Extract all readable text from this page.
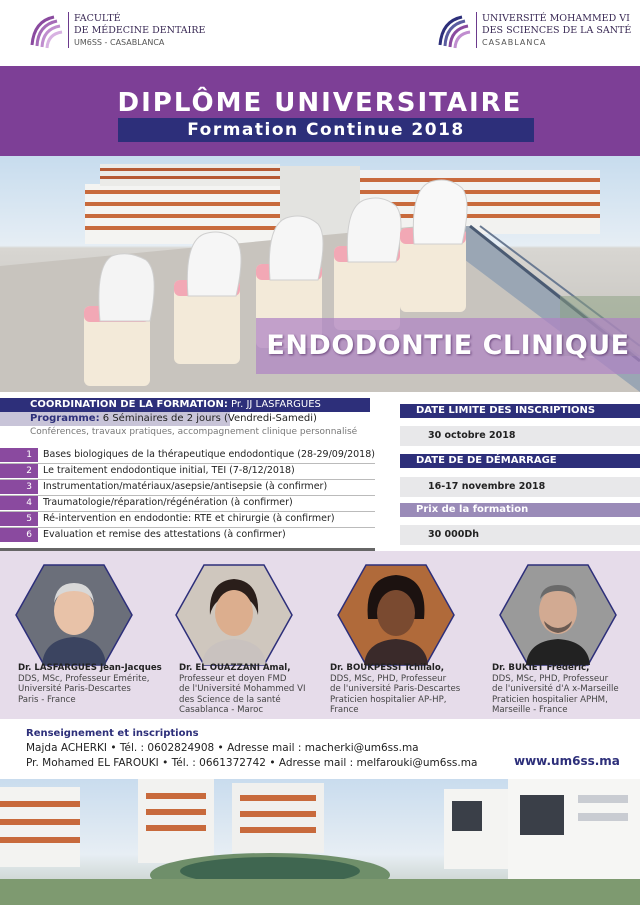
FACULTÉ
DE MÉDECINE DENTAIRE
UM6SS - CASABLANCA
UNIVERSITÉ MOHAMMED VI
DES SCIENCES DE LA SANTÉ
CASABLANCA
DIPLÔME UNIVERSITAIRE
Formation Continue 2018
ENDODONTIE CLINIQUE
COORDINATION DE LA FORMATION: Pr. JJ LASFARGUES
Programme: 6 Séminaires de 2 jours (Vendredi-Samedi)
Conférences, travaux pratiques, accompagnement clinique personnalisé
1	Bases biologiques de la thérapeutique endodontique (28-29/09/2018)
2	Le traitement endodontique initial, TEI (7-8/12/2018)
3	Instrumentation/matériaux/asepsie/antisepsie (à confirmer)
4	Traumatologie/réparation/régénération (à confirmer)
5	Ré-intervention en endodontie: RTE et chirurgie (à confirmer)
6	Evaluation et remise des attestations (à confirmer)
DATE LIMITE DES INSCRIPTIONS
30 octobre 2018
DATE DE DE DÉMARRAGE
16-17 novembre 2018
Prix de la formation
30 000Dh
Dr. LASFARGUES Jean-Jacques
DDS, MSc, Professeur Emérite,
Université Paris-Descartes
Paris - France
Dr. EL OUAZZANI Amal,
Professeur et doyen FMD
de l'Université Mohammed VI
des Science de la santé
Casablanca - Maroc
Dr. BOUKPESSI Tchilalo,
DDS, MSc, PHD, Professeur
de l'université Paris-Descartes
Praticien hospitalier AP-HP,
France
Dr. BUKIET Fréderic,
DDS, MSc, PHD, Professeur
de l'université d'A x-Marseille
Praticien hospitalier APHM,
Marseille - France
Renseignement et inscriptions
Majda ACHERKI • Tél. : 0602824908 • Adresse mail : macherki@um6ss.ma
Pr. Mohamed EL FAROUKI • Tél. : 0661372742 • Adresse mail : melfarouki@um6ss.ma	www.um6ss.ma
